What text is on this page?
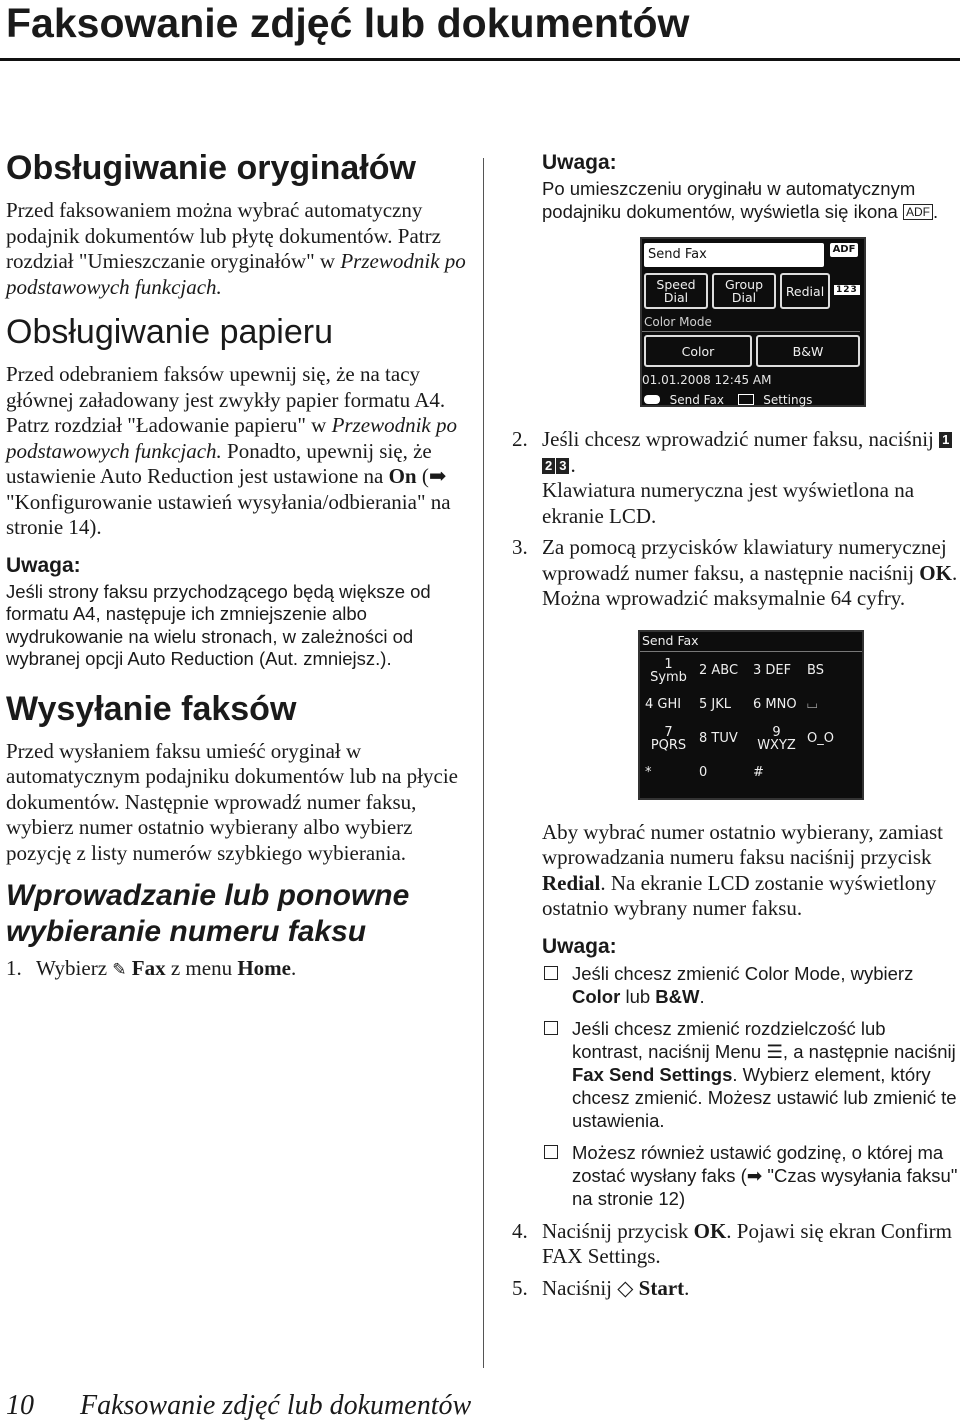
Faksowanie zdjęć lub dokumentów
Obsługiwanie oryginałów

Przed faksowaniem można wybrać automatyczny podajnik dokumentów lub płytę dokumentów. Patrz rozdział "Umieszczanie oryginałów" w Przewodnik po podstawowych funkcjach.

Obsługiwanie papieru

Przed odebraniem faksów upewnij się, że na tacy głównej załadowany jest zwykły papier formatu A4. Patrz rozdział "Ładowanie papieru" w Przewodnik po podstawowych funkcjach. Ponadto, upewnij się, że ustawienie Auto Reduction jest ustawione na On (➡ "Konfigurowanie ustawień wysyłania/odbierania" na stronie 14).

Uwaga:
Jeśli strony faksu przychodzącego będą większe od formatu A4, następuje ich zmniejszenie albo wydrukowanie na wielu stronach, w zależności od wybranej opcji Auto Reduction (Aut. zmniejsz.).
Wysyłanie faksów

Przed wysłaniem faksu umieść oryginał w automatycznym podajniku dokumentów lub na płycie dokumentów. Następnie wprowadź numer faksu, wybierz numer ostatnio wybierany albo wybierz pozycję z listy numerów szybkiego wybierania.

Wprowadzanie lub ponowne wybieranie numeru faksu
1. Wybierz ✎ Fax z menu Home.
Uwaga:
Po umieszczeniu oryginału w automatycznym podajniku dokumentów, wyświetla się ikona ADF .
Send Fax	ADF
Speed Dial
Group Dial	Redial	123
Color Mode
Color	B&W
01.01.2008 12:45 AM
Send Fax	Settings
2. Jeśli chcesz wprowadzić numer faksu, naciśnij 12 3 .
Klawiatura numeryczna jest wyświetlona na ekranie LCD.
3. Za pomocą przycisków klawiatury numerycznej wprowadź numer faksu, a następnie naciśnij OK. Można wprowadzić maksymalnie 64 cyfry.
Send Fax
1 Symb 2 ABC	3 DEF	BS
4 GHI	5 JKL	6 MNO ⌴
7 PQRS 8 TUV	9 WXYZ O_O
*	0	#

Aby wybrać numer ostatnio wybierany, zamiast wprowadzania numeru faksu naciśnij przycisk Redial. Na ekranie LCD zostanie wyświetlony ostatnio wybrany numer faksu.

Uwaga:
Jeśli chcesz zmienić Color Mode, wybierz Color lub B&W.
Jeśli chcesz zmienić rozdzielczość lub kontrast, naciśnij Menu ☰, a następnie naciśnij Fax Send Settings. Wybierz element, który chcesz zmienić. Możesz ustawić lub zmienić te ustawienia.
Możesz również ustawić godzinę, o której ma zostać wysłany faks (➡ "Czas wysyłania faksu" na stronie 12)
4. Naciśnij przycisk OK. Pojawi się ekran Confirm FAX Settings.
5. Naciśnij ◇ Start.
10 Faksowanie zdjęć lub dokumentów
